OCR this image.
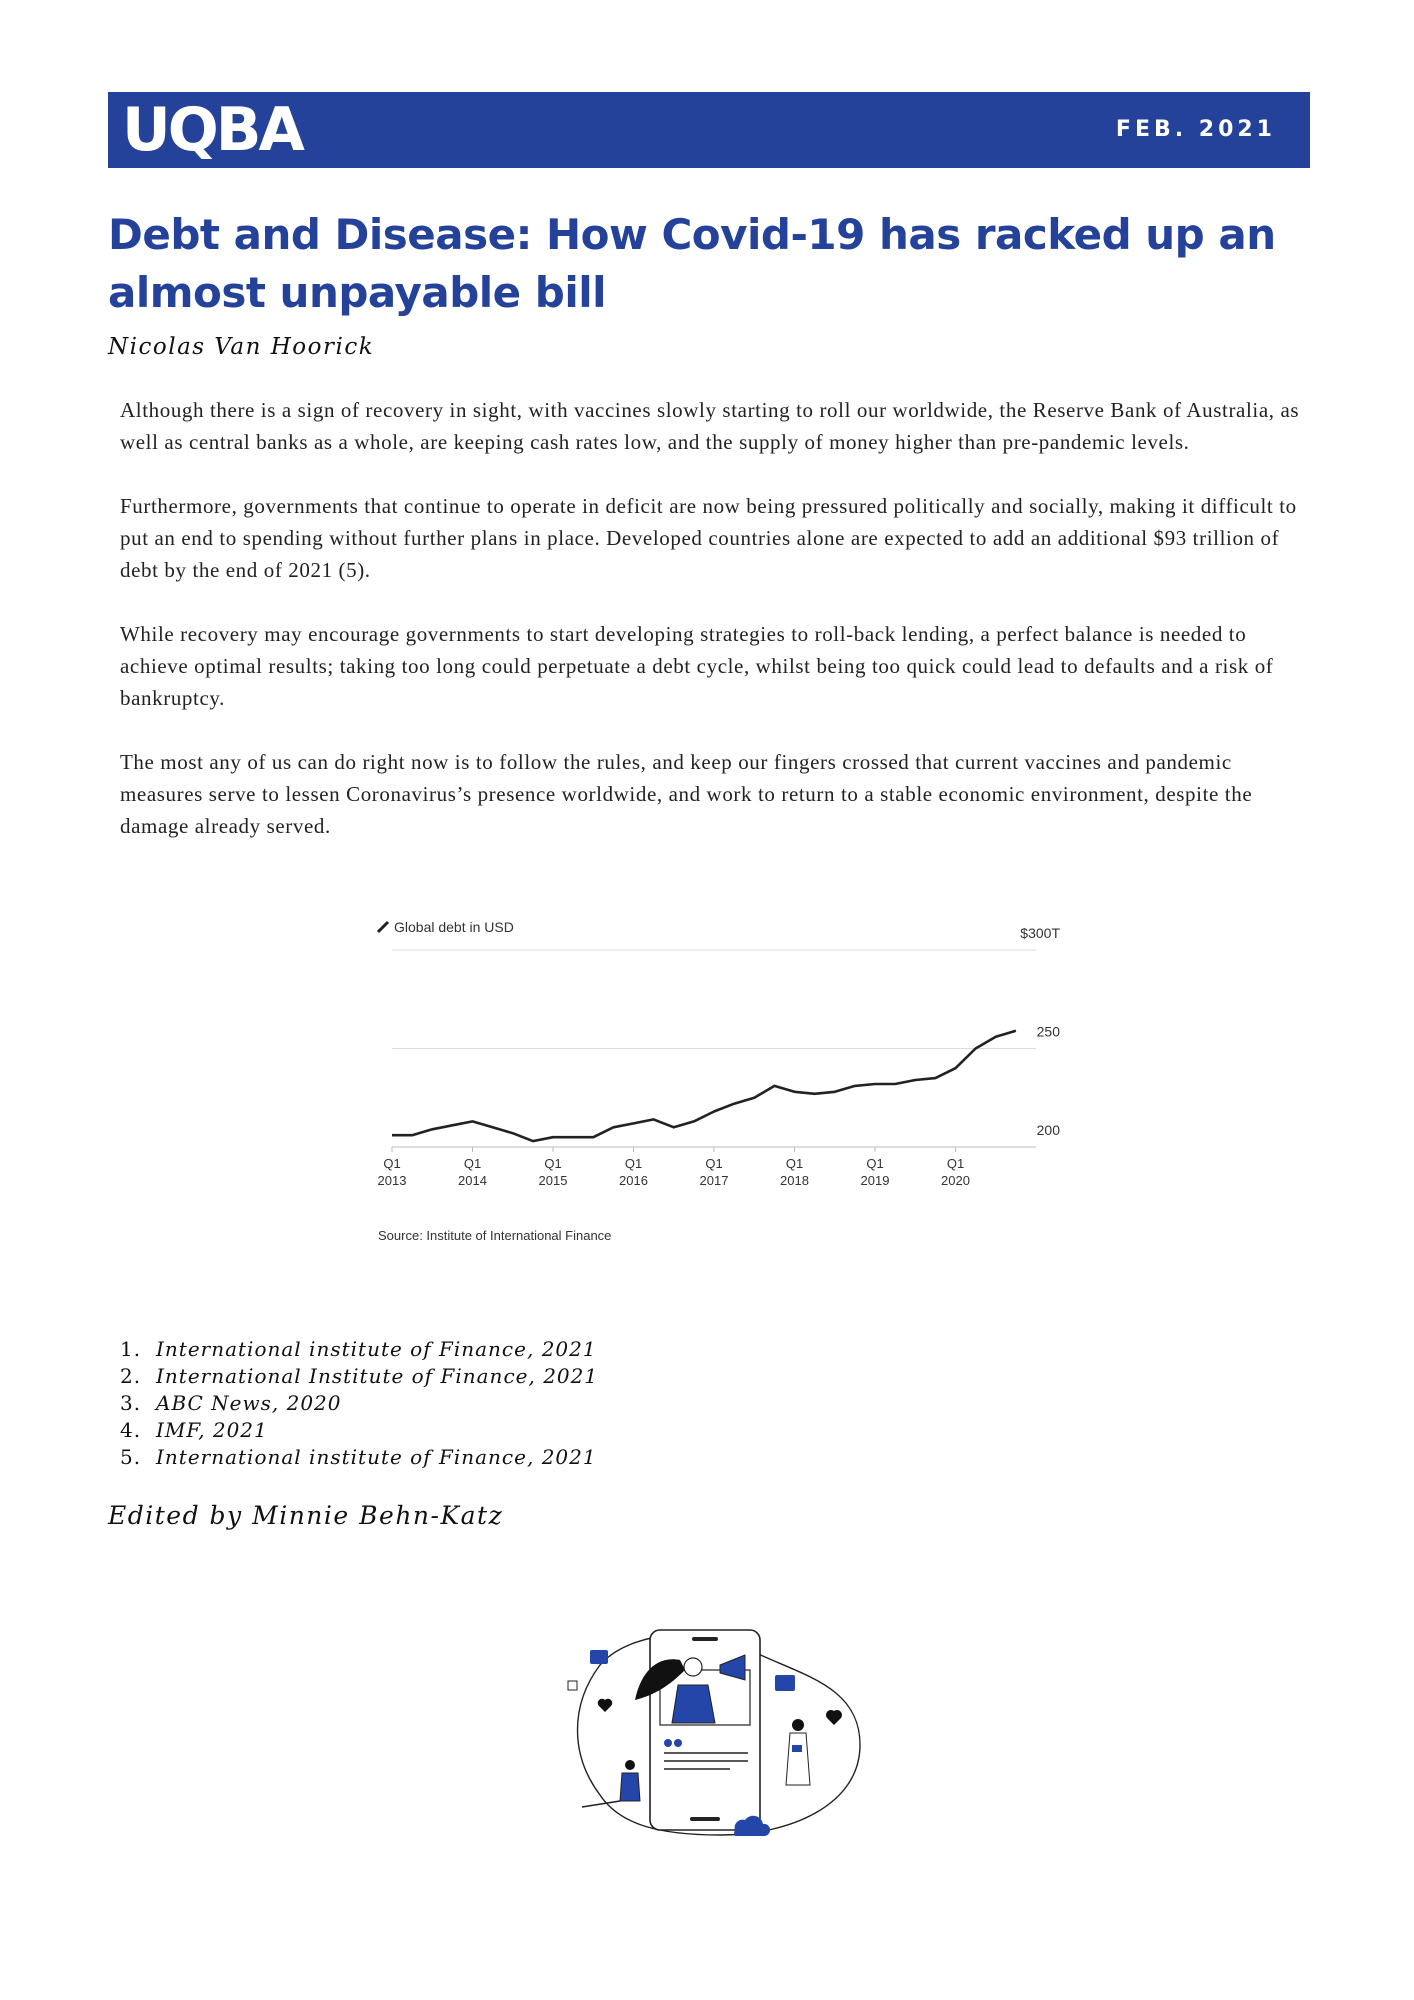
UQBA	FEB. 2021
Debt and Disease: How Covid-19 has racked up an almost unpayable bill
Nicolas Van Hoorick

Although there is a sign of recovery in sight, with vaccines slowly starting to roll our worldwide, the Reserve Bank of Australia, as well as central banks as a whole, are keeping cash rates low, and the supply of money higher than pre-pandemic levels.

Furthermore, governments that continue to operate in deficit are now being pressured politically and socially, making it difficult to put an end to spending without further plans in place. Developed countries alone are expected to add an additional $93 trillion of debt by the end of 2021 (5).

While recovery may encourage governments to start developing strategies to roll-back lending, a perfect balance is needed to achieve optimal results; taking too long could perpetuate a debt cycle, whilst being too quick could lead to defaults and a risk of bankruptcy.

The most any of us can do right now is to follow the rules, and keep our fingers crossed that current vaccines and pandemic measures serve to lessen Coronavirus’s presence worldwide, and work to return to a stable economic environment, despite the damage already served.

Global debt in USD
200
250
$300T
Q1
2013
Q1
2014
Q1
2015
Q1
2016
Q1
2017
Q1
2018
Q1
2019
Q1
2020
Source: Institute of International Finance
1. International institute of Finance, 2021
2. International Institute of Finance, 2021
3. ABC News, 2020
4. IMF, 2021
5. International institute of Finance, 2021
Edited by Minnie Behn-Katz
